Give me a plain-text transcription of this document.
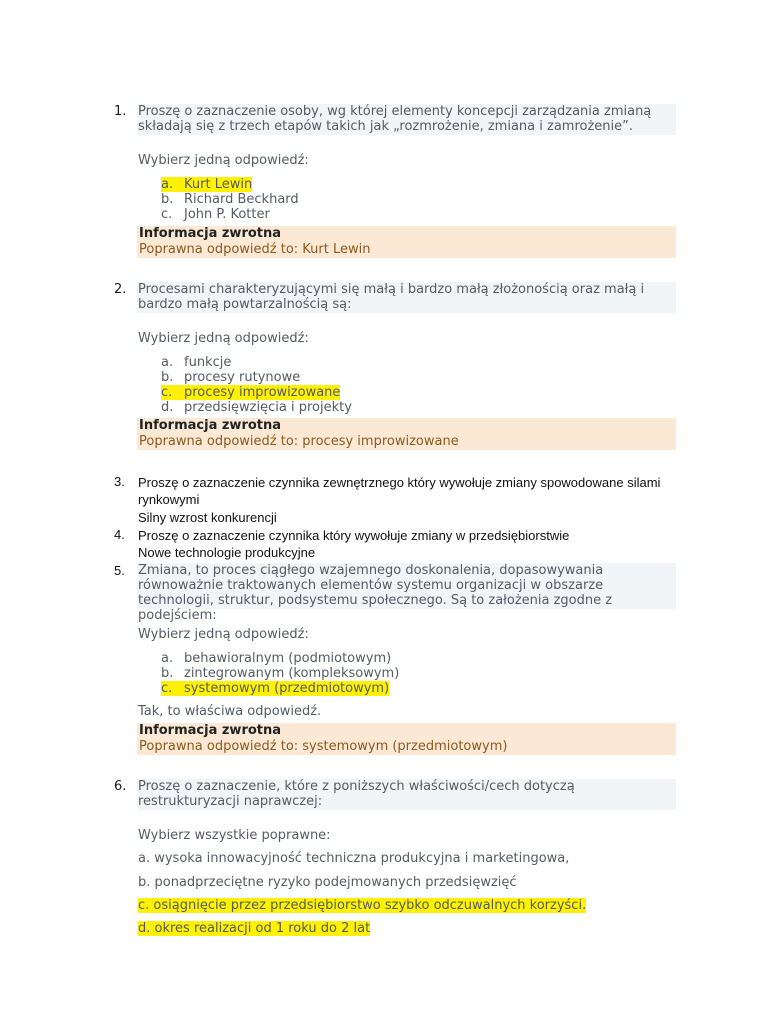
1. Proszę o zaznaczenie osoby, wg której elementy koncepcji zarządzania zmianą składają się z trzech etapów takich jak „rozmrożenie, zmiana i zamrożenie”.
Wybierz jedną odpowiedź:
a. Kurt Lewin
b. Richard Beckhard
c. John P. Kotter
Informacja zwrotna
Poprawna odpowiedź to: Kurt Lewin
2. Procesami charakteryzującymi się małą i bardzo małą złożonością oraz małą i bardzo małą powtarzalnością są:
Wybierz jedną odpowiedź:
a. funkcje
b. procesy rutynowe
c. procesy improwizowane
d. przedsięwzięcia i projekty
Informacja zwrotna
Poprawna odpowiedź to: procesy improwizowane
3. Proszę o zaznaczenie czynnika zewnętrznego który wywołuje zmiany spowodowane silami rynkowymi
Silny wzrost konkurencji
4. Proszę o zaznaczenie czynnika który wywołuje zmiany w przedsiębiorstwie
Nowe technologie produkcyjne
5. Zmiana, to proces ciągłego wzajemnego doskonalenia, dopasowywania równoważnie traktowanych elementów systemu organizacji w obszarze technologii, struktur, podsystemu społecznego. Są to założenia zgodne z podejściem:
Wybierz jedną odpowiedź:
a. behawioralnym (podmiotowym)
b. zintegrowanym (kompleksowym)
c. systemowym (przedmiotowym)
Tak, to właściwa odpowiedź.
Informacja zwrotna
Poprawna odpowiedź to: systemowym (przedmiotowym)
6. Proszę o zaznaczenie, które z poniższych właściwości/cech dotyczą restrukturyzacji naprawczej:
Wybierz wszystkie poprawne:
a. wysoka innowacyjność techniczna produkcyjna i marketingowa,
b. ponadprzeciętne ryzyko podejmowanych przedsięwzięć
c. osiągnięcie przez przedsiębiorstwo szybko odczuwalnych korzyści.
d. okres realizacji od 1 roku do 2 lat
